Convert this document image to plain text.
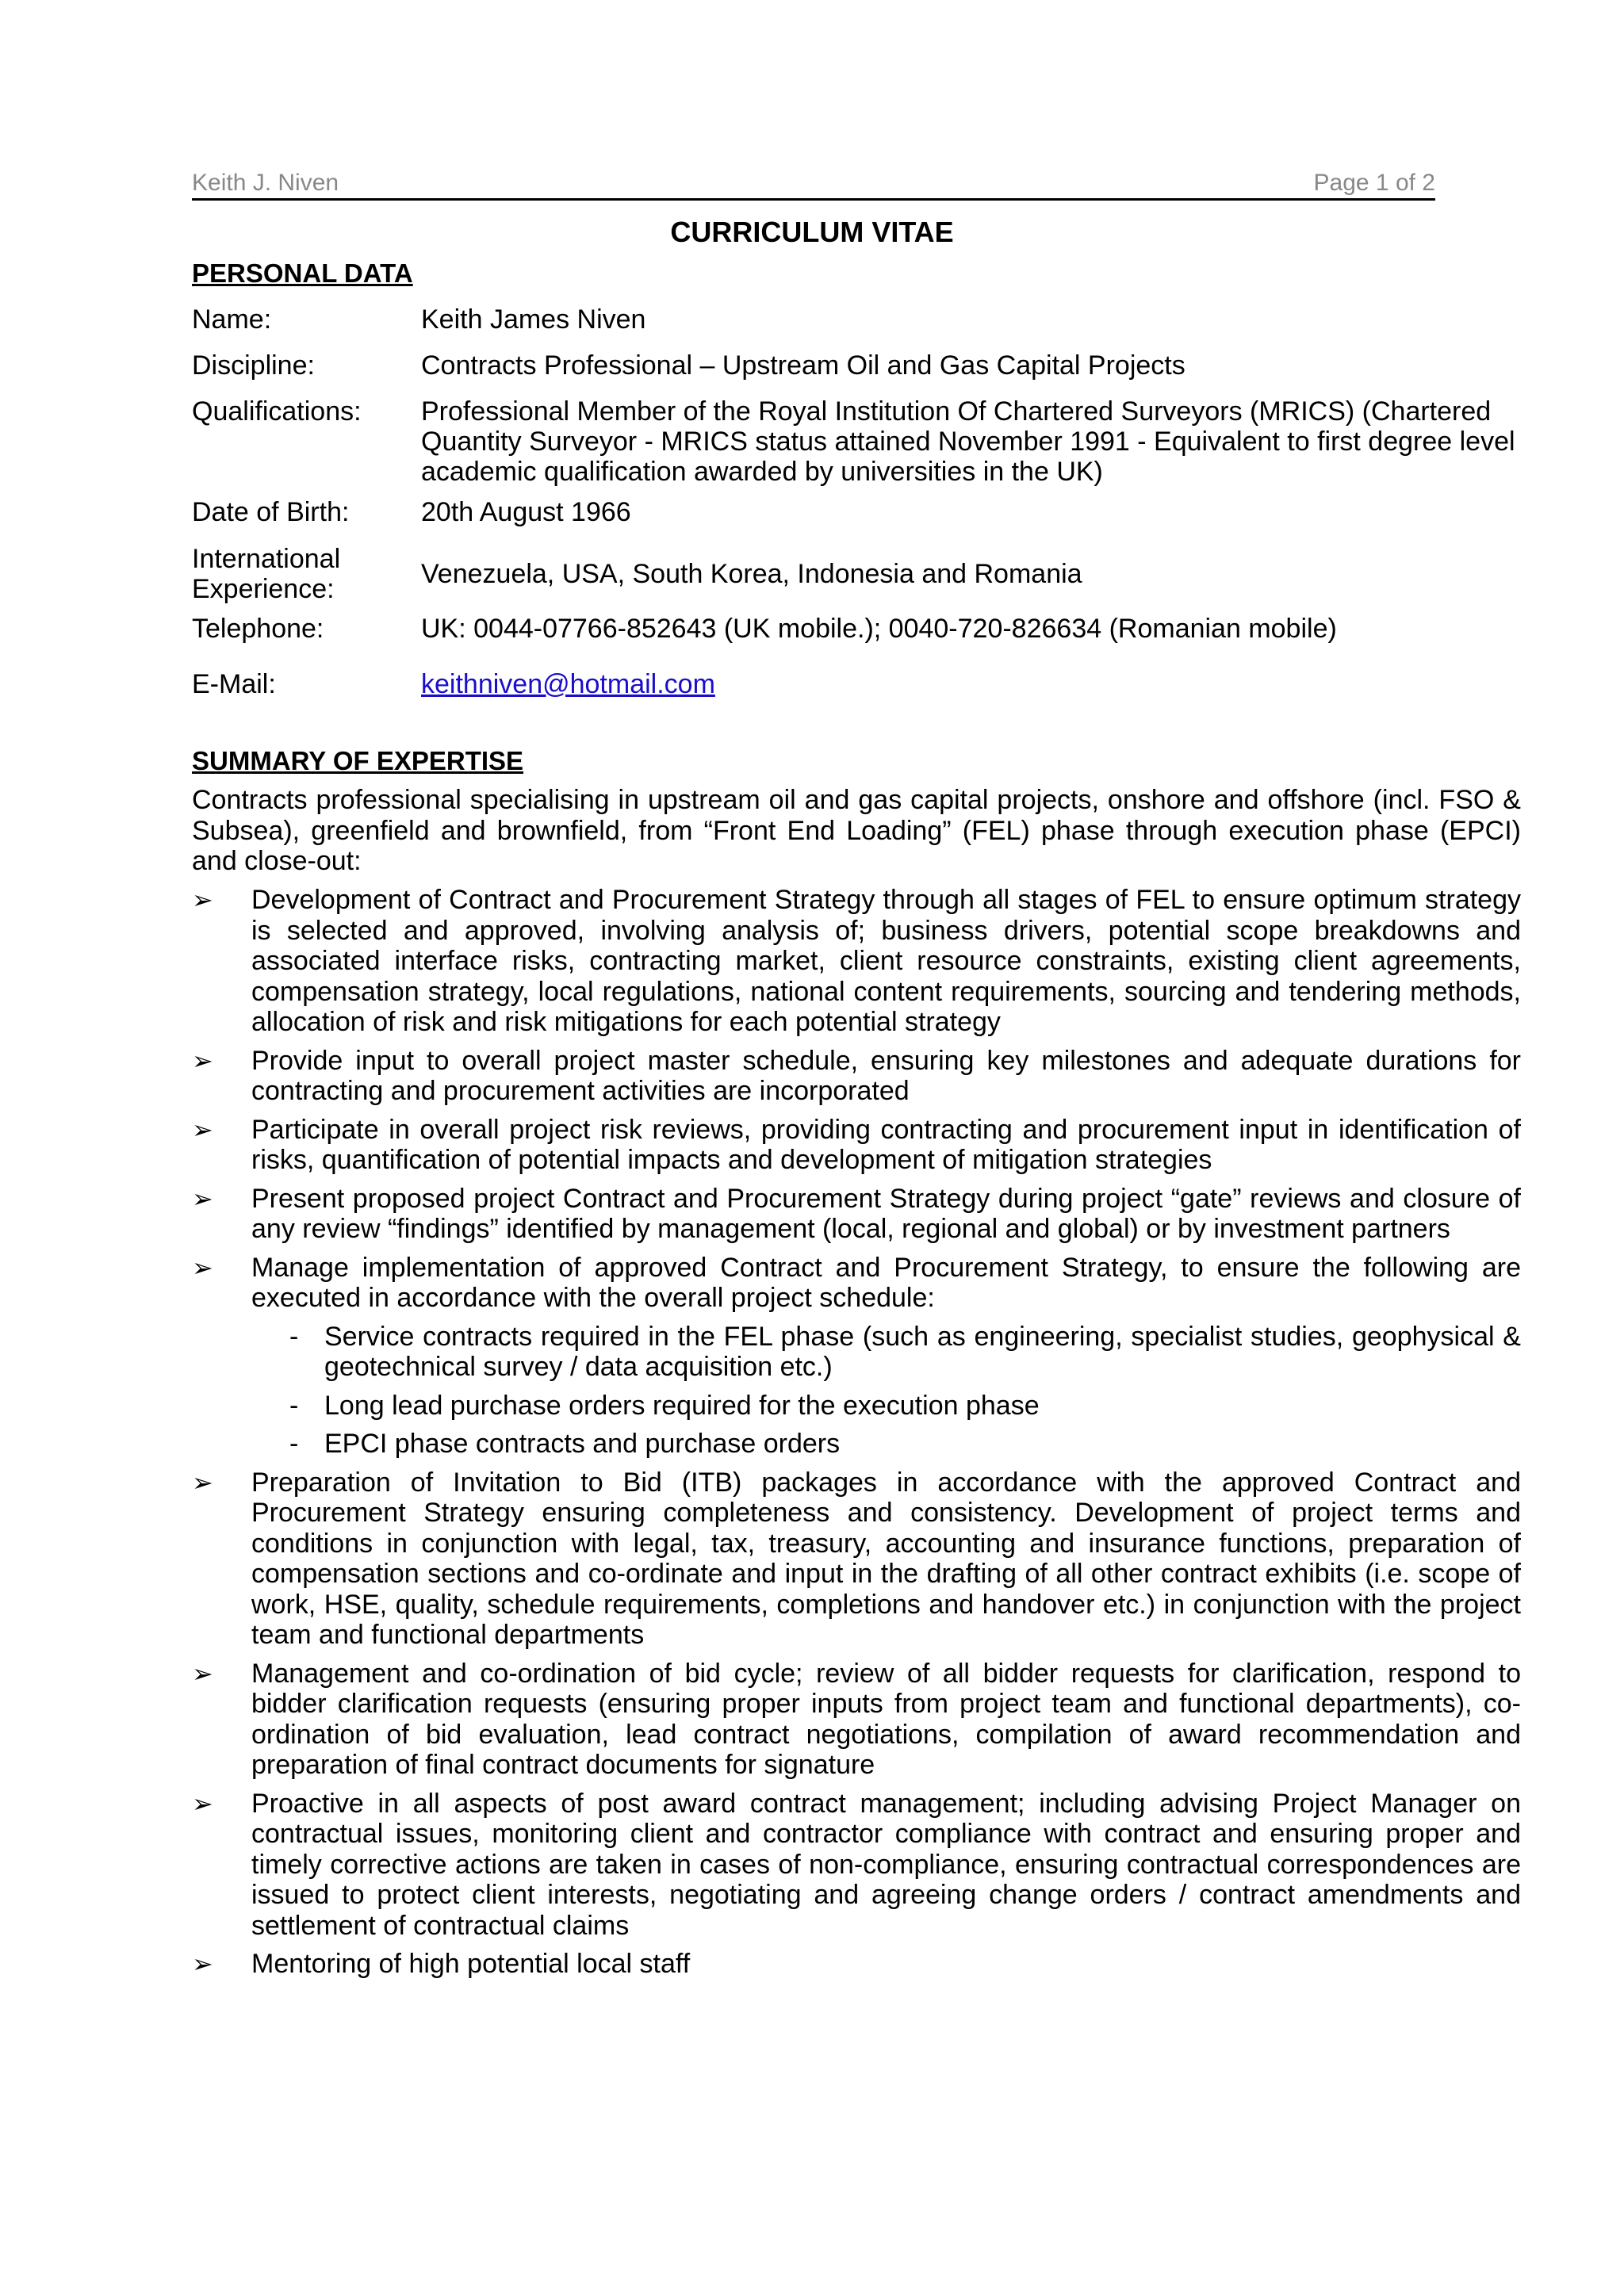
Keith J. Niven	Page 1 of 2
CURRICULUM VITAE
PERSONAL DATA
Name:	Keith James Niven
Discipline:	Contracts Professional – Upstream Oil and Gas Capital Projects
Qualifications:	Professional Member of the Royal Institution Of Chartered Surveyors (MRICS) (Chartered Quantity Surveyor - MRICS status attained November 1991 - Equivalent to first degree level academic qualification awarded by universities in the UK)
Date of Birth:	20th August 1966
International Experience:	Venezuela, USA, South Korea, Indonesia and Romania
Telephone:	UK: 0044-07766-852643 (UK mobile.); 0040-720-826634 (Romanian mobile)
E-Mail:	keithniven@hotmail.com
SUMMARY OF EXPERTISE
Contracts professional specialising in upstream oil and gas capital projects, onshore and offshore (incl. FSO & Subsea), greenfield and brownfield, from “Front End Loading” (FEL) phase through execution phase (EPCI) and close-out:
➢ Development of Contract and Procurement Strategy through all stages of FEL to ensure optimum strategy is selected and approved, involving analysis of; business drivers, potential scope breakdowns and associated interface risks, contracting market, client resource constraints, existing client agreements, compensation strategy, local regulations, national content requirements, sourcing and tendering methods, allocation of risk and risk mitigations for each potential strategy
➢ Provide input to overall project master schedule, ensuring key milestones and adequate durations for contracting and procurement activities are incorporated
➢ Participate in overall project risk reviews, providing contracting and procurement input in identification of risks, quantification of potential impacts and development of mitigation strategies
➢ Present proposed project Contract and Procurement Strategy during project “gate” reviews and closure of any review “findings” identified by management (local, regional and global) or by investment partners
➢ Manage implementation of approved Contract and Procurement Strategy, to ensure the following are executed in accordance with the overall project schedule:
- Service contracts required in the FEL phase (such as engineering, specialist studies, geophysical & geotechnical survey / data acquisition etc.)
- Long lead purchase orders required for the execution phase
- EPCI phase contracts and purchase orders
➢ Preparation of Invitation to Bid (ITB) packages in accordance with the approved Contract and Procurement Strategy ensuring completeness and consistency. Development of project terms and conditions in conjunction with legal, tax, treasury, accounting and insurance functions, preparation of compensation sections and co-ordinate and input in the drafting of all other contract exhibits (i.e. scope of work, HSE, quality, schedule requirements, completions and handover etc.) in conjunction with the project team and functional departments
➢ Management and co-ordination of bid cycle; review of all bidder requests for clarification, respond to bidder clarification requests (ensuring proper inputs from project team and functional departments), co-ordination of bid evaluation, lead contract negotiations, compilation of award recommendation and preparation of final contract documents for signature
➢ Proactive in all aspects of post award contract management; including advising Project Manager on contractual issues, monitoring client and contractor compliance with contract and ensuring proper and timely corrective actions are taken in cases of non-compliance, ensuring contractual correspondences are issued to protect client interests, negotiating and agreeing change orders / contract amendments and settlement of contractual claims
➢ Mentoring of high potential local staff
